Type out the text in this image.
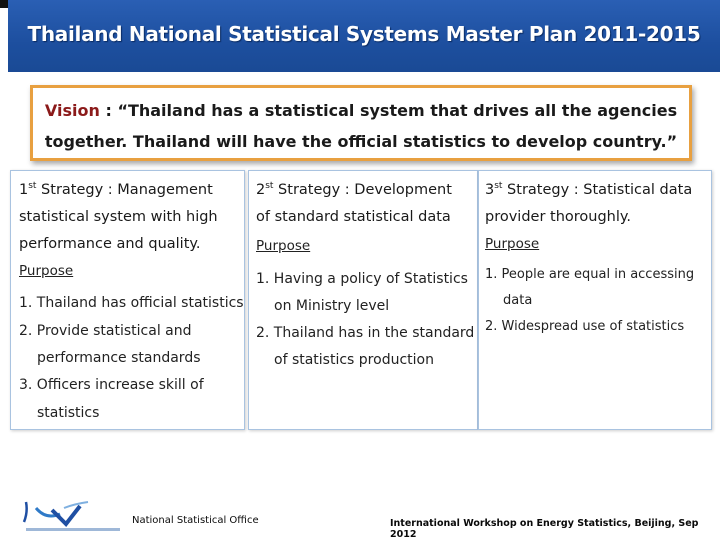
Thailand National Statistical Systems Master Plan 2011-2015
Vision : “Thailand has a statistical system that drives all the agencies
together. Thailand will have the official statistics to develop country.”
1st Strategy : Management
statistical system with high
performance and quality.
Purpose
1. Thailand has official statistics
2. Provide statistical and
performance standards
3. Officers increase skill of
statistics
2st Strategy : Development
of standard statistical data
Purpose
1. Having a policy of Statistics
on Ministry level
2. Thailand has in the standard
of statistics production
3st Strategy : Statistical data
provider thoroughly.
Purpose
1. People are equal in accessing
data
2. Widespread use of statistics
National Statistical Office	International Workshop on Energy Statistics, Beijing, Sep 2012
